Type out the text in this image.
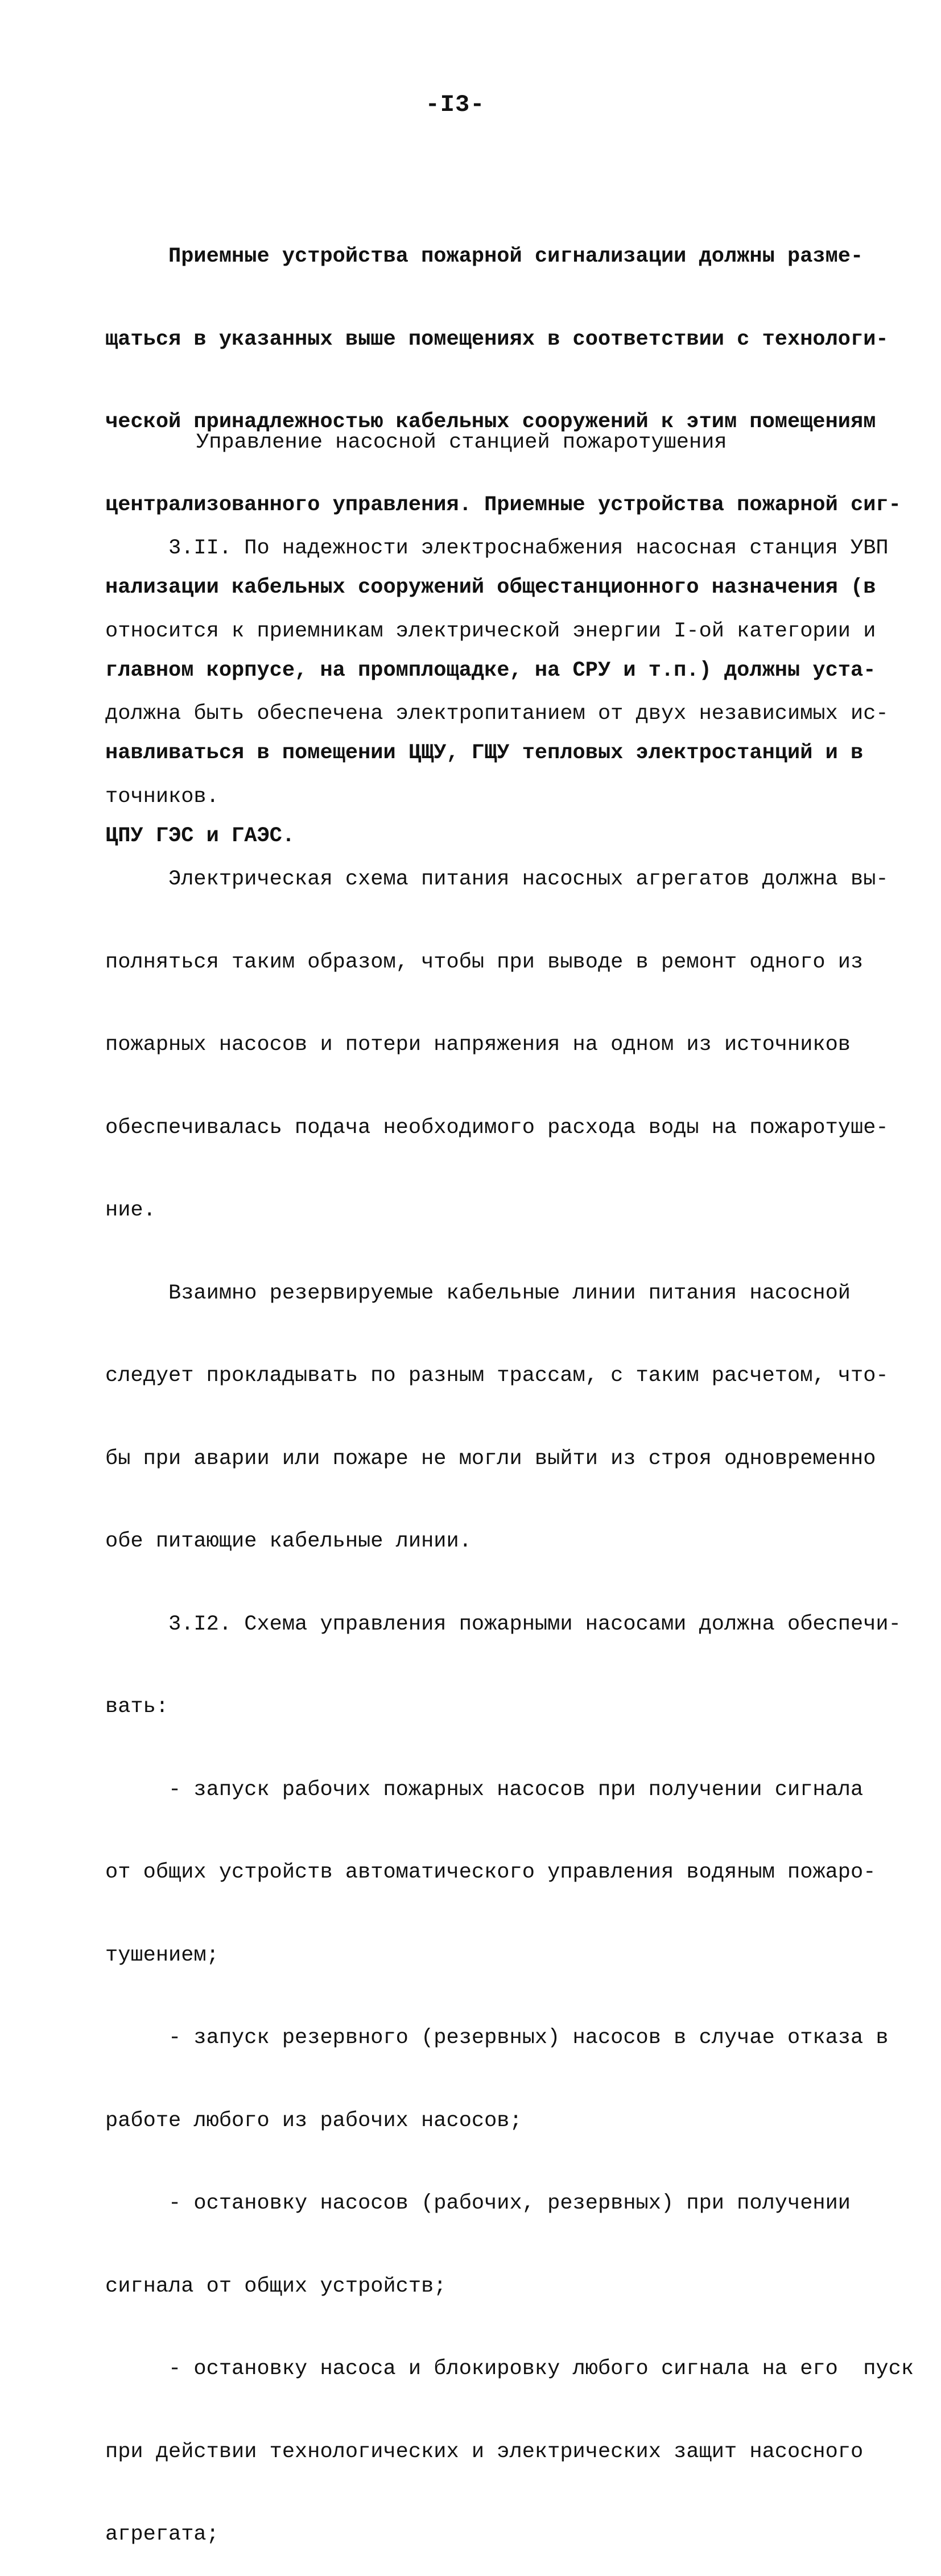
-I3-

Приемные устройства пожарной сигнализации должны разме-

щаться в указанных выше помещениях в соответствии с технологи-

ческой принадлежностью кабельных сооружений к этим помещениям

централизованного управления. Приемные устройства пожарной сиг-

нализации кабельных сооружений общестанционного назначения (в

главном корпусе, на промплощадке, на СРУ и т.п.) должны уста-

навливаться в помещении ЦЩУ, ГЩУ тепловых электростанций и в

ЦПУ ГЭС и ГАЭС.

Управление насосной станцией пожаротушения

3.II. По надежности электроснабжения насосная станция УВП

относится к приемникам электрической энергии I-ой категории и

должна быть обеспечена электропитанием от двух независимых ис-

точников.

Электрическая схема питания насосных агрегатов должна вы-

полняться таким образом, чтобы при выводе в ремонт одного из

пожарных насосов и потери напряжения на одном из источников

обеспечивалась подача необходимого расхода воды на пожаротуше-

ние.

Взаимно резервируемые кабельные линии питания насосной

следует прокладывать по разным трассам, с таким расчетом, что-

бы при аварии или пожаре не могли выйти из строя одновременно

обе питающие кабельные линии.

3.I2. Схема управления пожарными насосами должна обеспечи-

вать:

- запуск рабочих пожарных насосов при получении сигнала

от общих устройств автоматического управления водяным пожаро-

тушением;

- запуск резервного (резервных) насосов в случае отказа в

работе любого из рабочих насосов;

- остановку насосов (рабочих, резервных) при получении

сигнала от общих устройств;

- остановку насоса и блокировку любого сигнала на его  пуск

при действии технологических и электрических защит насосного

агрегата;
